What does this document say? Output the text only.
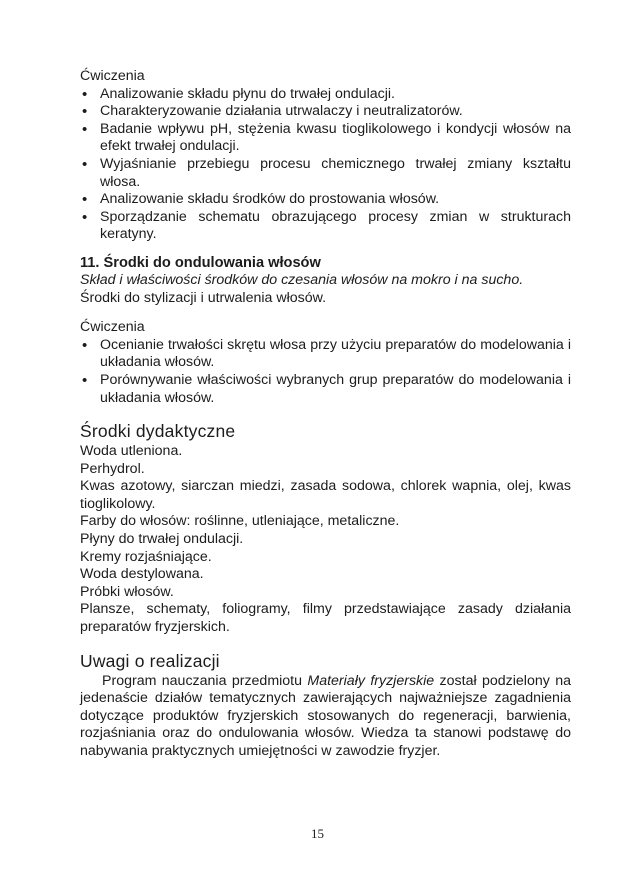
Ćwiczenia

• Analizowanie składu płynu do trwałej ondulacji.
• Charakteryzowanie działania utrwalaczy i neutralizatorów.
• Badanie wpływu pH, stężenia kwasu tioglikolowego i kondycji włosów na efekt trwałej ondulacji.
• Wyjaśnianie przebiegu procesu chemicznego trwałej zmiany kształtu włosa.
• Analizowanie składu środków do prostowania włosów.
• Sporządzanie schematu obrazującego procesy zmian w strukturach keratyny.
11. Środki do ondulowania włosów

Skład i właściwości środków do czesania włosów na mokro i na sucho.

Środki do stylizacji i utrwalenia włosów.

Ćwiczenia

• Ocenianie trwałości skrętu włosa przy użyciu preparatów do modelowania i układania włosów.
• Porównywanie właściwości wybranych grup preparatów do modelowania i układania włosów.
Środki dydaktyczne

Woda utleniona.

Perhydrol.

Kwas azotowy, siarczan miedzi, zasada sodowa, chlorek wapnia, olej, kwas tioglikolowy.

Farby do włosów: roślinne, utleniające, metaliczne.

Płyny do trwałej ondulacji.

Kremy rozjaśniające.

Woda destylowana.

Próbki włosów.

Plansze, schematy, foliogramy, filmy przedstawiające zasady działania preparatów fryzjerskich.

Uwagi o realizacji

Program nauczania przedmiotu Materiały fryzjerskie został podzielony na jedenaście działów tematycznych zawierających najważniejsze zagadnienia dotyczące produktów fryzjerskich stosowanych do regeneracji, barwienia, rozjaśniania oraz do ondulowania włosów. Wiedza ta stanowi podstawę do nabywania praktycznych umiejętności w zawodzie fryzjer.

15
